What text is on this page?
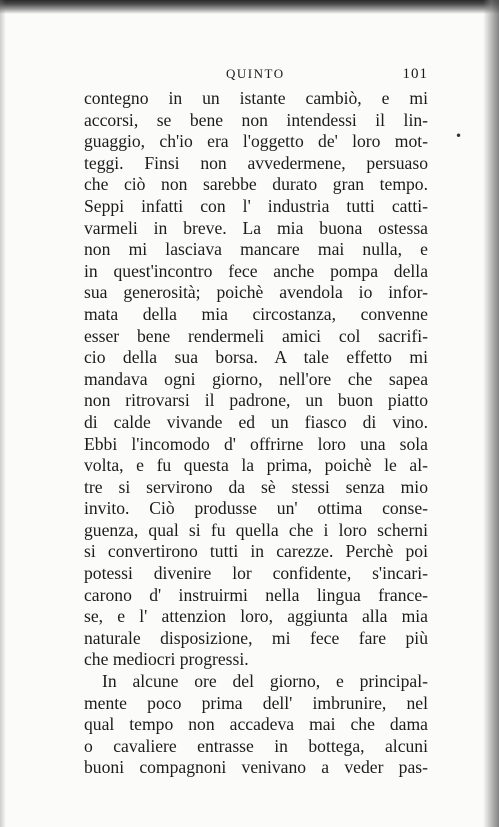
QUINTO	101
•
contegno in un istante cambiò, e mi
accorsi, se bene non intendessi il lin-
guaggio, ch'io era l'oggetto de' loro mot-
teggi. Finsi non avvedermene, persuaso
che ciò non sarebbe durato gran tempo.
Seppi infatti con l' industria tutti catti-
varmeli in breve. La mia buona ostessa
non mi lasciava mancare mai nulla, e
in quest'incontro fece anche pompa della
sua generosità; poichè avendola io infor-
mata della mia circostanza, convenne
esser bene rendermeli amici col sacrifi-
cio della sua borsa. A tale effetto mi
mandava ogni giorno, nell'ore che sapea
non ritrovarsi il padrone, un buon piatto
di calde vivande ed un fiasco di vino.
Ebbi l'incomodo d' offrirne loro una sola
volta, e fu questa la prima, poichè le al-
tre si servirono da sè stessi senza mio
invito. Ciò produsse un' ottima conse-
guenza, qual si fu quella che i loro scherni
si convertirono tutti in carezze. Perchè poi
potessi divenire lor confidente, s'incari-
carono d' instruirmi nella lingua france-
se, e l' attenzion loro, aggiunta alla mia
naturale disposizione, mi fece fare più
che mediocri progressi.
In alcune ore del giorno, e principal-
mente poco prima dell' imbrunire, nel
qual tempo non accadeva mai che dama
o cavaliere entrasse in bottega, alcuni
buoni compagnoni venivano a veder pas-
